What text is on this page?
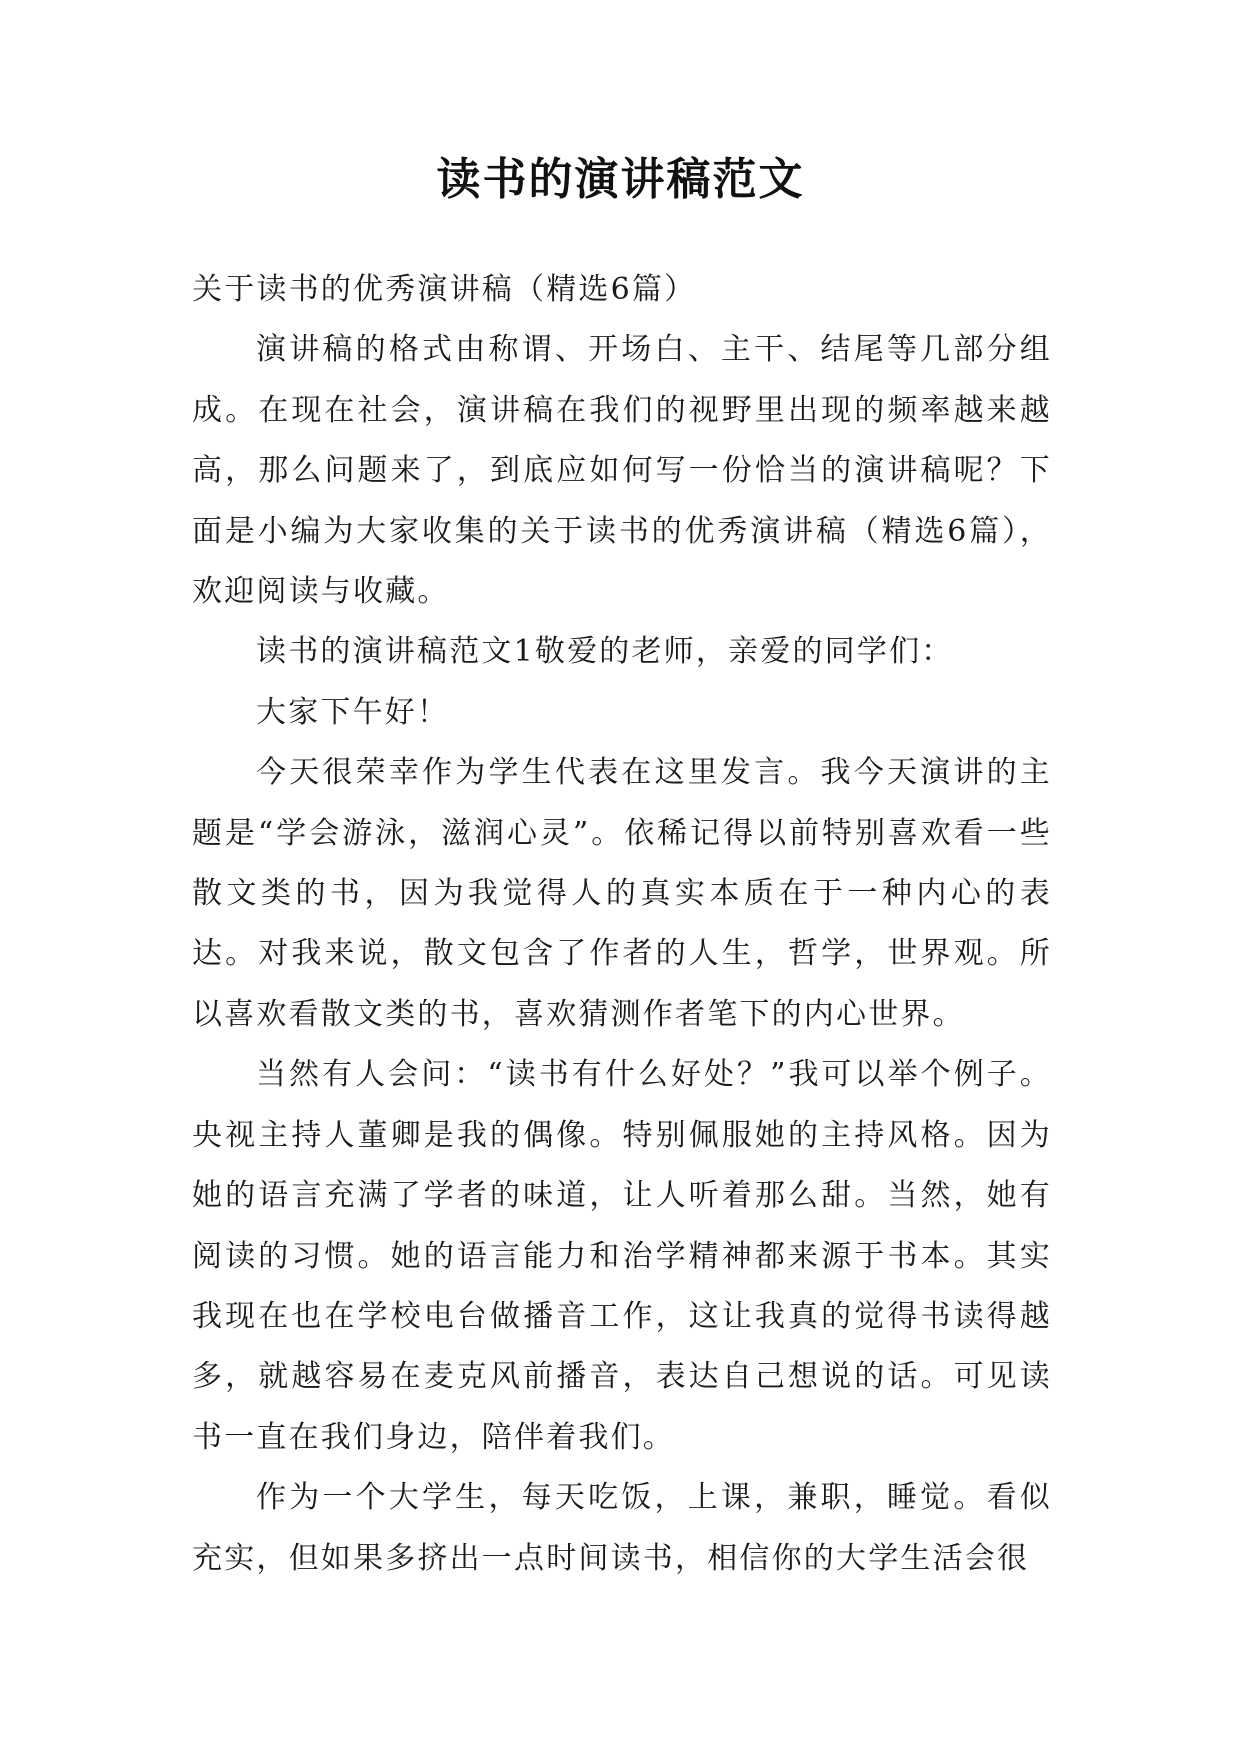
读书的演讲稿范文

关于读书的优秀演讲稿（精选6篇）

演讲稿的格式由称谓、开场白、主干、结尾等几部分组成。在现在社会，演讲稿在我们的视野里出现的频率越来越高，那么问题来了，到底应如何写一份恰当的演讲稿呢？下面是小编为大家收集的关于读书的优秀演讲稿（精选6篇），欢迎阅读与收藏。

读书的演讲稿范文1敬爱的老师，亲爱的同学们：

大家下午好！

今天很荣幸作为学生代表在这里发言。我今天演讲的主题是“学会游泳，滋润心灵”。依稀记得以前特别喜欢看一些散文类的书，因为我觉得人的真实本质在于一种内心的表达。对我来说，散文包含了作者的人生，哲学，世界观。所以喜欢看散文类的书，喜欢猜测作者笔下的内心世界。

当然有人会问：“读书有什么好处？”我可以举个例子。央视主持人董卿是我的偶像。特别佩服她的主持风格。因为她的语言充满了学者的味道，让人听着那么甜。当然，她有阅读的习惯。她的语言能力和治学精神都来源于书本。其实我现在也在学校电台做播音工作，这让我真的觉得书读得越多，就越容易在麦克风前播音，表达自己想说的话。可见读书一直在我们身边，陪伴着我们。

作为一个大学生，每天吃饭，上课，兼职，睡觉。看似充实，但如果多挤出一点时间读书，相信你的大学生活会很
